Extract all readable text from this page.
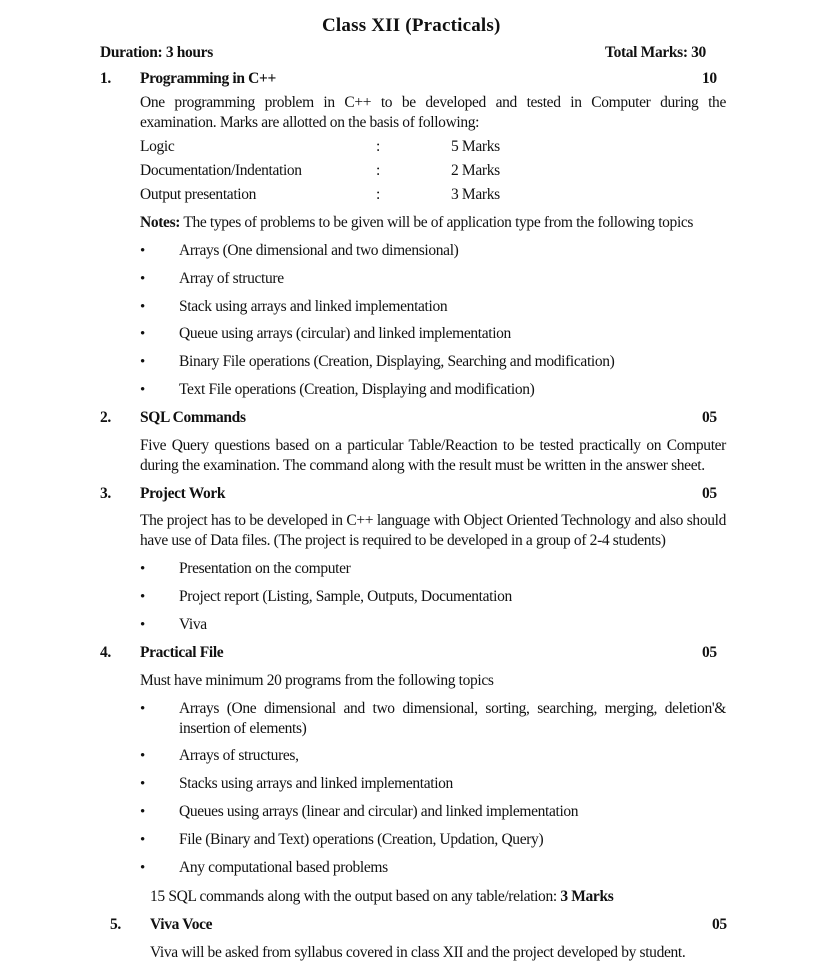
Class XII (Practicals)
Duration: 3 hours	Total Marks: 30
1. Programming in C++	10
One programming problem in C++ to be developed and tested in Computer during the examination. Marks are allotted on the basis of following:
Logic	:	5 Marks
Documentation/Indentation	:	2 Marks
Output presentation	:	3 Marks
Notes: The types of problems to be given will be of application type from the following topics
• Arrays (One dimensional and two dimensional)
• Array of structure
• Stack using arrays and linked implementation
• Queue using arrays (circular) and linked implementation
• Binary File operations (Creation, Displaying, Searching and modification)
• Text File operations (Creation, Displaying and modification)
2. SQL Commands	05
Five Query questions based on a particular Table/Reaction to be tested practically on Computer during the examination. The command along with the result must be written in the answer sheet.
3. Project Work	05
The project has to be developed in C++ language with Object Oriented Technology and also should have use of Data files. (The project is required to be developed in a group of 2-4 students)
• Presentation on the computer
• Project report (Listing, Sample, Outputs, Documentation
• Viva
4. Practical File	05
Must have minimum 20 programs from the following topics
• Arrays (One dimensional and two dimensional, sorting, searching, merging, deletion'& insertion of elements)
• Arrays of structures,
• Stacks using arrays and linked implementation
• Queues using arrays (linear and circular) and linked implementation
• File (Binary and Text) operations (Creation, Updation, Query)
• Any computational based problems
15 SQL commands along with the output based on any table/relation: 3 Marks
5. Viva Voce	05
Viva will be asked from syllabus covered in class XII and the project developed by student.
